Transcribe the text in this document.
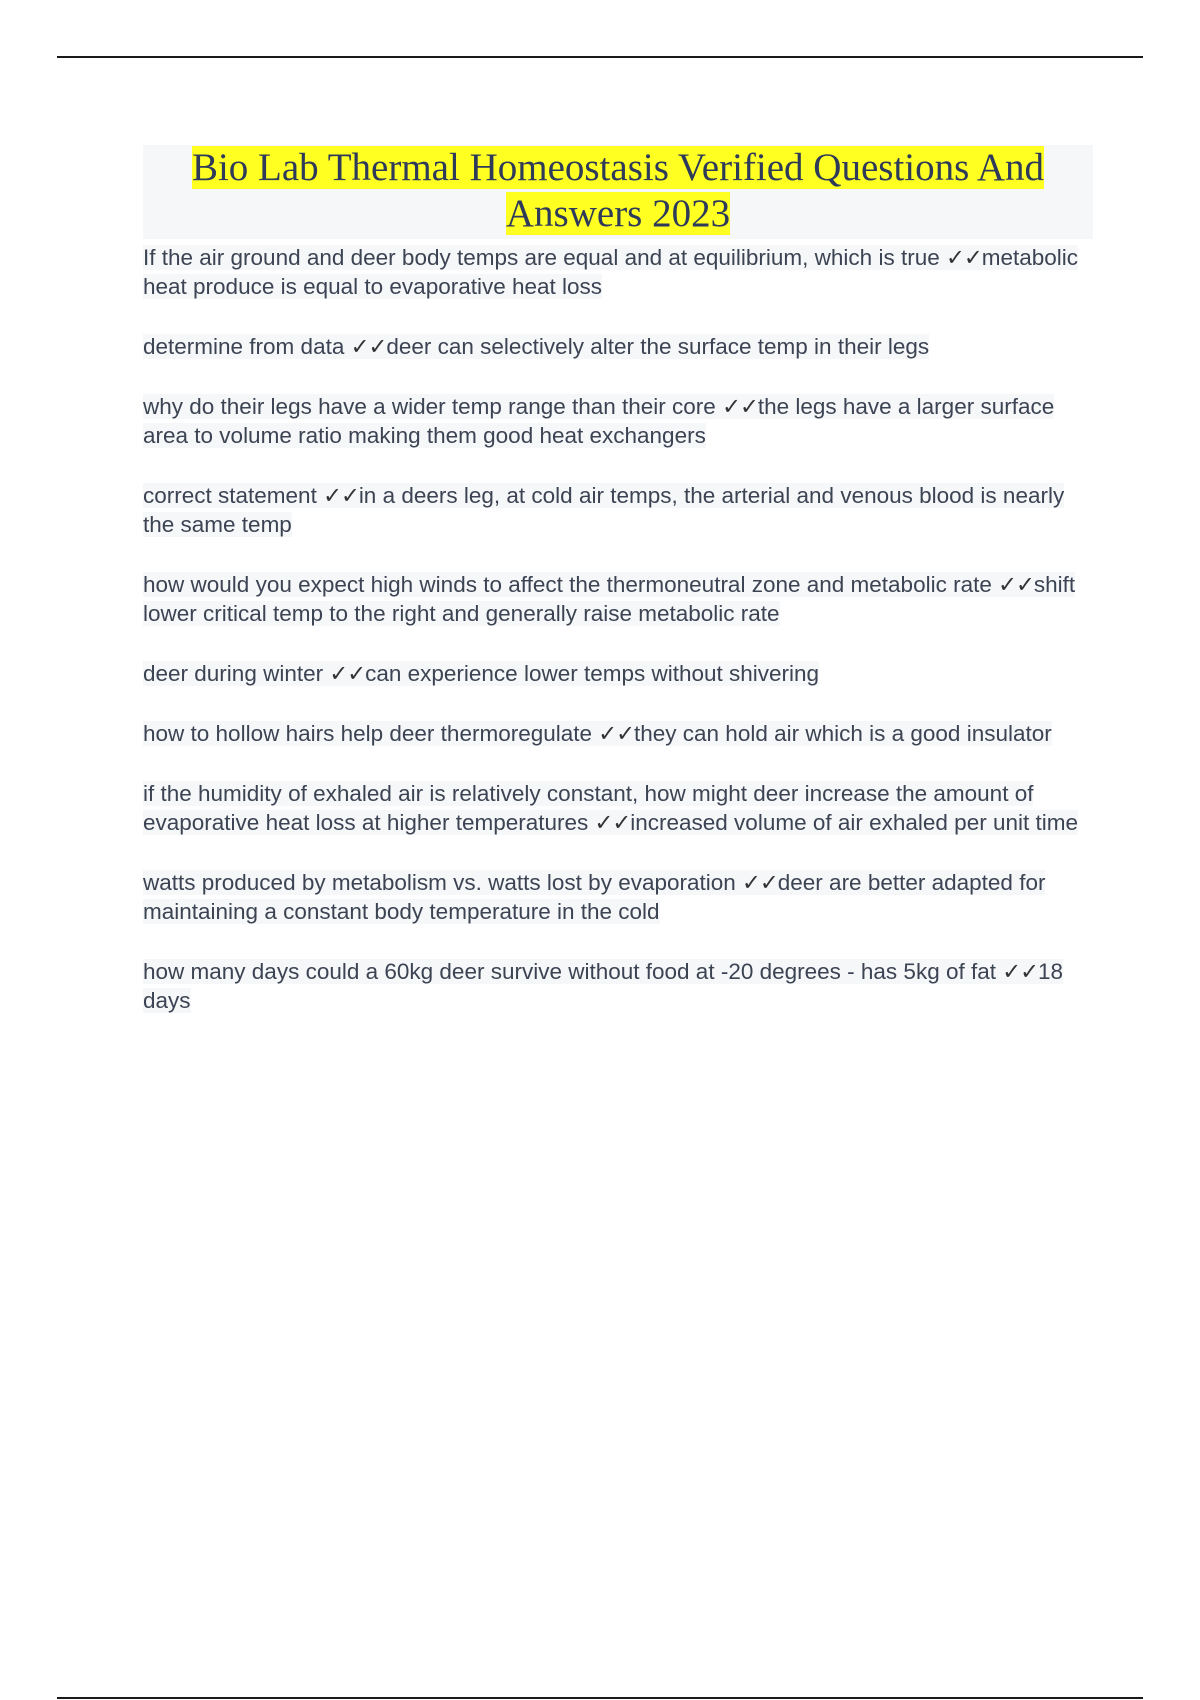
Bio Lab Thermal Homeostasis Verified Questions And Answers 2023
If the air ground and deer body temps are equal and at equilibrium, which is true ✓✓metabolic heat produce is equal to evaporative heat loss
determine from data ✓✓deer can selectively alter the surface temp in their legs
why do their legs have a wider temp range than their core ✓✓the legs have a larger surface area to volume ratio making them good heat exchangers
correct statement ✓✓in a deers leg, at cold air temps, the arterial and venous blood is nearly the same temp
how would you expect high winds to affect the thermoneutral zone and metabolic rate ✓✓shift lower critical temp to the right and generally raise metabolic rate
deer during winter ✓✓can experience lower temps without shivering
how to hollow hairs help deer thermoregulate ✓✓they can hold air which is a good insulator
if the humidity of exhaled air is relatively constant, how might deer increase the amount of evaporative heat loss at higher temperatures ✓✓increased volume of air exhaled per unit time
watts produced by metabolism vs. watts lost by evaporation ✓✓deer are better adapted for maintaining a constant body temperature in the cold
how many days could a 60kg deer survive without food at -20 degrees - has 5kg of fat ✓✓18 days
